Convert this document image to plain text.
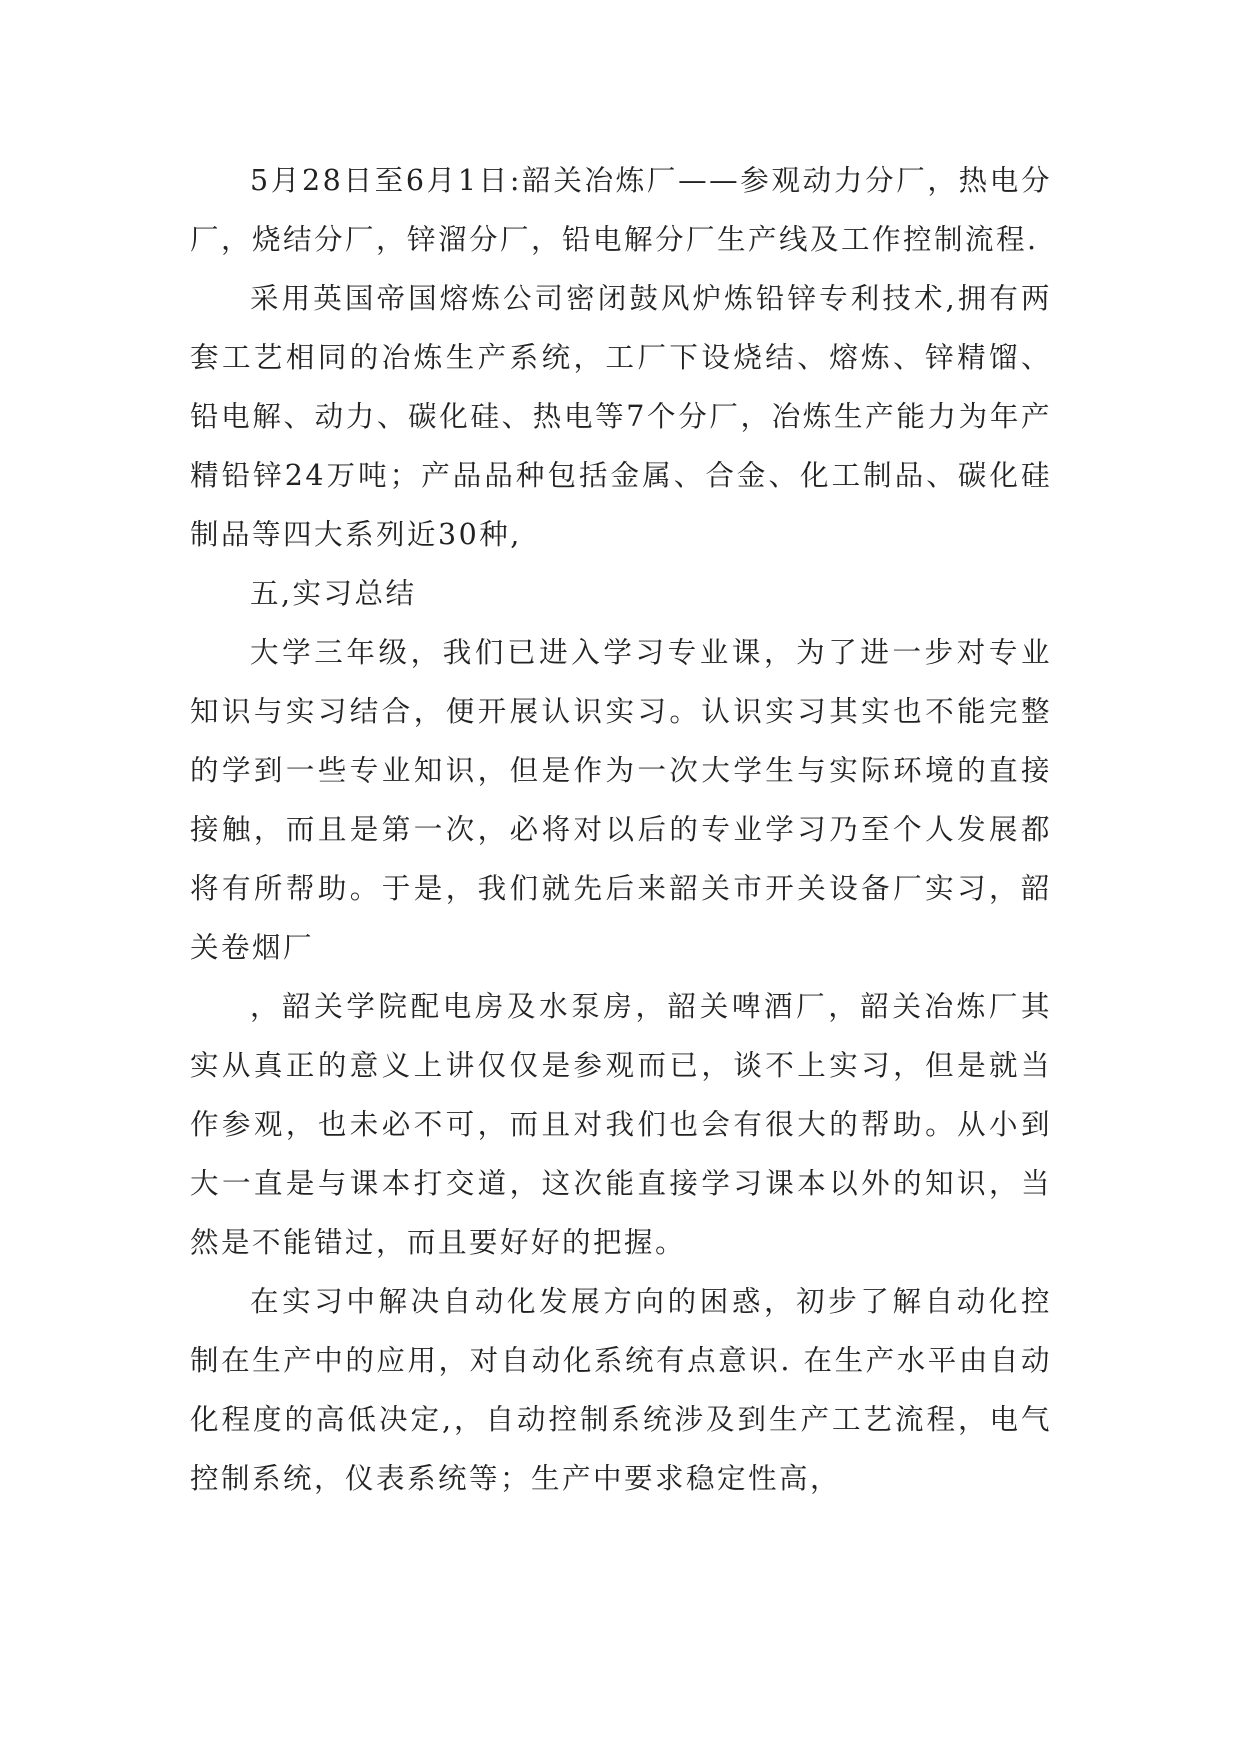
5月28日至6月1日:韶关冶炼厂——参观动力分厂，热电分厂，烧结分厂，锌溜分厂，铅电解分厂生产线及工作控制流程.

采用英国帝国熔炼公司密闭鼓风炉炼铅锌专利技术,拥有两套工艺相同的冶炼生产系统，工厂下设烧结、熔炼、锌精馏、铅电解、动力、碳化硅、热电等7个分厂，冶炼生产能力为年产精铅锌24万吨；产品品种包括金属、合金、化工制品、碳化硅制品等四大系列近30种,

五,实习总结

大学三年级，我们已进入学习专业课，为了进一步对专业知识与实习结合，便开展认识实习。认识实习其实也不能完整的学到一些专业知识，但是作为一次大学生与实际环境的直接接触，而且是第一次，必将对以后的专业学习乃至个人发展都将有所帮助。于是，我们就先后来韶关市开关设备厂实习，韶关卷烟厂

，韶关学院配电房及水泵房，韶关啤酒厂，韶关冶炼厂其实从真正的意义上讲仅仅是参观而已，谈不上实习，但是就当作参观，也未必不可，而且对我们也会有很大的帮助。从小到大一直是与课本打交道，这次能直接学习课本以外的知识，当然是不能错过，而且要好好的把握。

在实习中解决自动化发展方向的困惑，初步了解自动化控制在生产中的应用，对自动化系统有点意识. 在生产水平由自动化程度的高低决定,，自动控制系统涉及到生产工艺流程，电气控制系统，仪表系统等；生产中要求稳定性高，
